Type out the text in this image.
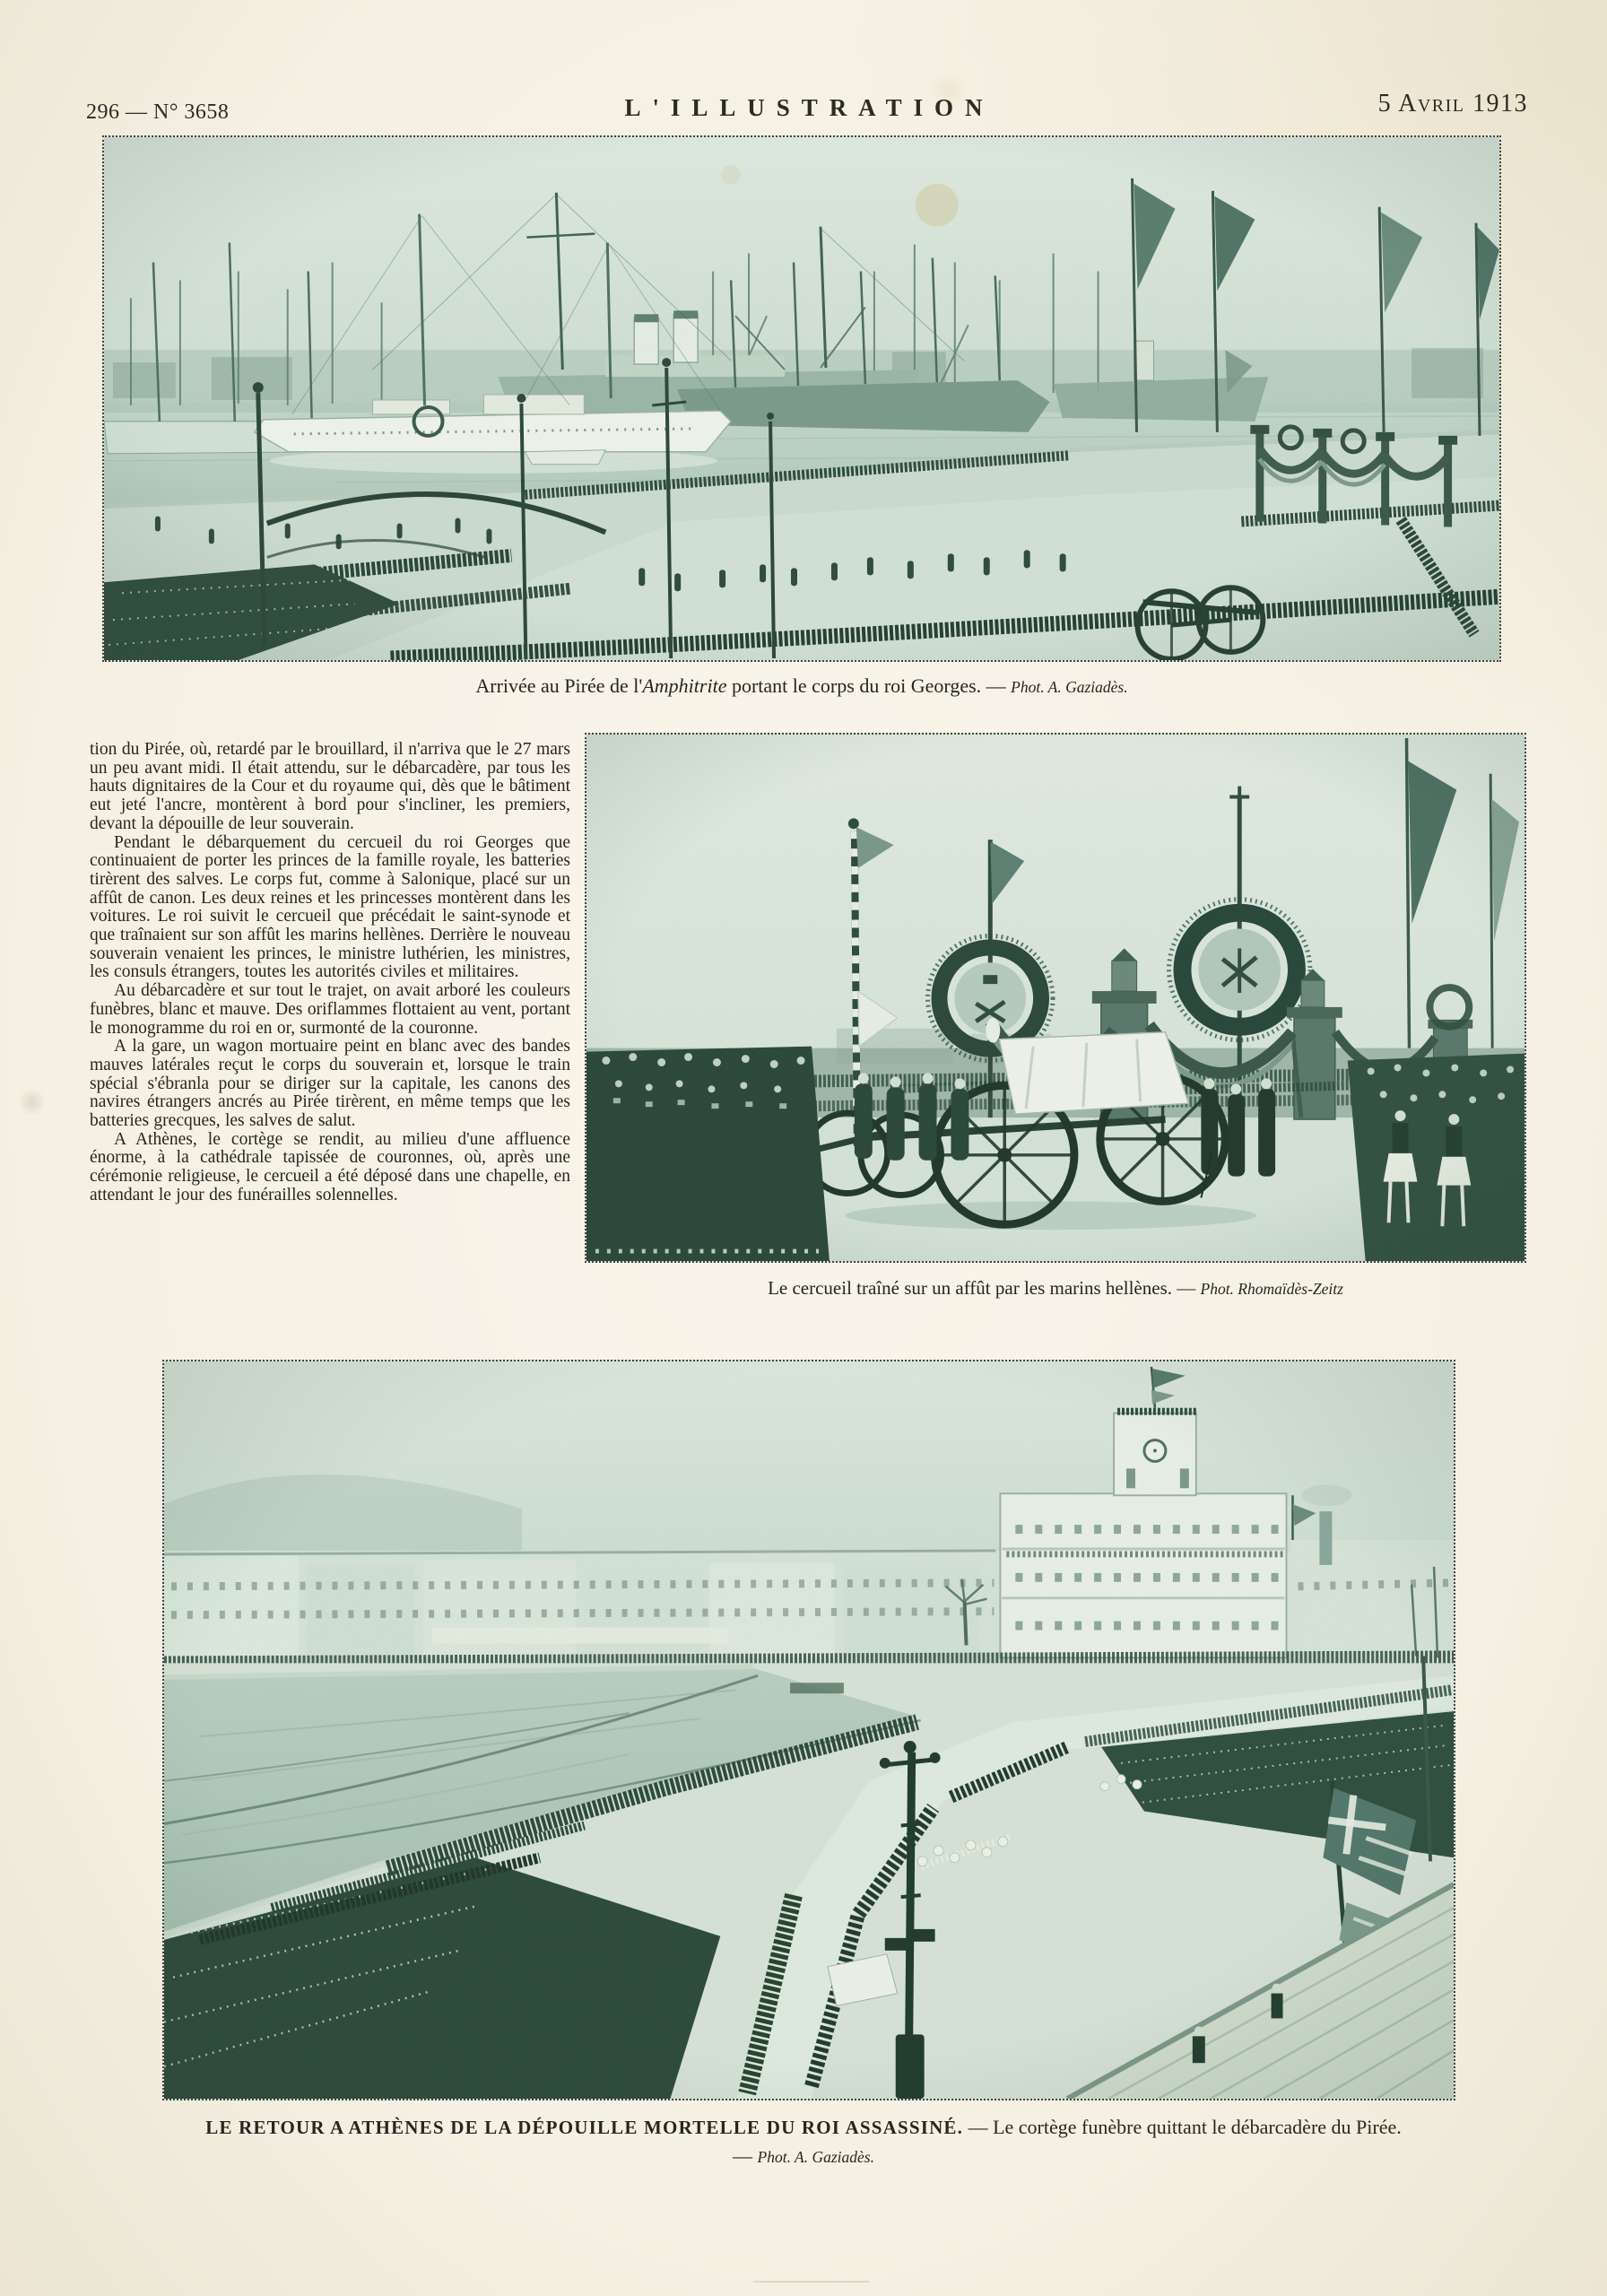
296 — N° 3658	L'ILLUSTRATION	5 Avril 1913
Arrivée au Pirée de l'Amphitrite portant le corps du roi Georges. — Phot. A. Gaziadès.

tion du Pirée, où, retardé par le brouillard, il n'arriva que le 27 mars un peu avant midi. Il était attendu, sur le débarcadère, par tous les hauts dignitaires de la Cour et du royaume qui, dès que le bâtiment eut jeté l'ancre, montèrent à bord pour s'incliner, les premiers, devant la dépouille de leur souverain.

Pendant le débarquement du cercueil du roi Georges que continuaient de porter les princes de la famille royale, les batteries tirèrent des salves. Le corps fut, comme à Salonique, placé sur un affût de canon. Les deux reines et les princesses montèrent dans les voitures. Le roi suivit le cercueil que précédait le saint-synode et que traînaient sur son affût les marins hellènes. Derrière le nouveau souverain venaient les princes, le ministre luthérien, les ministres, les consuls étrangers, toutes les autorités civiles et militaires.

Au débarcadère et sur tout le trajet, on avait arboré les couleurs funèbres, blanc et mauve. Des oriflammes flottaient au vent, portant le monogramme du roi en or, surmonté de la couronne.

A la gare, un wagon mortuaire peint en blanc avec des bandes mauves latérales reçut le corps du souverain et, lorsque le train spécial s'ébranla pour se diriger sur la capitale, les canons des navires étrangers ancrés au Pirée tirèrent, en même temps que les batteries grecques, les salves de salut.

A Athènes, le cortège se rendit, au milieu d'une affluence énorme, à la cathédrale tapissée de couronnes, où, après une cérémonie religieuse, le cercueil a été déposé dans une chapelle, en attendant le jour des funérailles solennelles.

Le cercueil traîné sur un affût par les marins hellènes. — Phot. Rhomaïdès-Zeitz
LE RETOUR A ATHÈNES DE LA DÉPOUILLE MORTELLE DU ROI ASSASSINÉ. — Le cortège funèbre quittant le débarcadère du Pirée. — Phot. A. Gaziadès.
